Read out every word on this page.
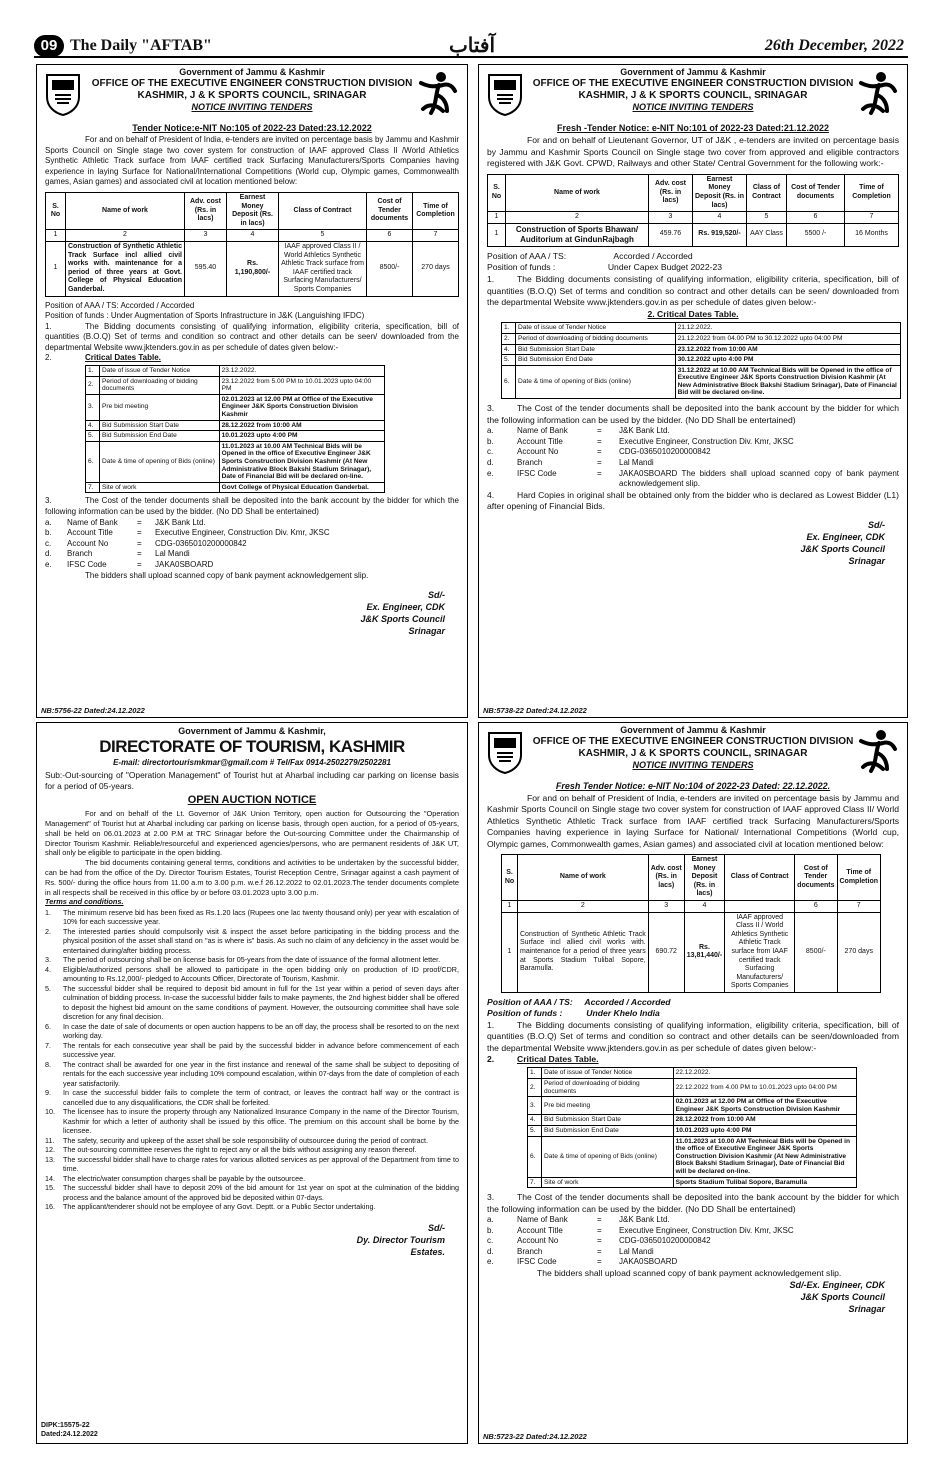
09 The Daily "AFTAB"	آفتاب	26th December, 2022
Government of Jammu & Kashmir
OFFICE OF THE EXECUTIVE ENGINEER CONSTRUCTION DIVISION
KASHMIR, J & K SPORTS COUNCIL, SRINAGAR
NOTICE INVITING TENDERS
Tender Notice:e-NIT No:105 of 2022-23 Dated:23.12.2022

For and on behalf of President of India, e-tenders are invited on percentage basis by Jammu and Kashmir Sports Council on Single stage two cover system for construction of IAAF approved Class II /World Athletics Synthetic Athletic Track surface from IAAF certified track Surfacing Manufacturers/Sports Companies having experience in laying Surface for National/International Competitions (World cup, Olympic games, Commonwealth games, Asian games) and associated civil at location mentioned below:

S. No	Name of work	Adv. cost (Rs. in lacs)	Earnest Money Deposit (Rs. in lacs)	Class of Contract	Cost of Tender documents	Time of Completion
1	2	3	4	5	6	7
1	Construction of Synthetic Athletic Track Surface incl allied civil works with. maintenance for a period of three years at Govt. College of Physical Education Ganderbal.	595.40	Rs. 1,190,800/-	IAAF approved Class II / World Athletics Synthetic Athletic Track surface from IAAF certified track Surfacing Manufacturers/ Sports Companies	8500/-	270 days

Position of AAA / TS: Accorded / Accorded

Position of funds : Under Augmentation of Sports Infrastructure in J&K (Languishing IFDC)

1.	The Bidding documents consisting of qualifying information, eligibility criteria, specification, bill of quantities (B.O.Q) Set of terms and condition so contract and other details can be seen/ downloaded from the departmental Website www.jktenders.gov.in as per schedule of dates given below:-

2.	Critical Dates Table.

1.	Date of issue of Tender Notice	23.12.2022.
2.	Period of downloading of bidding documents	23.12.2022 from 5.00 PM to 10.01.2023 upto 04:00 PM
3.	Pre bid meeting	02.01.2023 at 12.00 PM at Office of the Executive Engineer J&K Sports Construction Division Kashmir
4.	Bid Submission Start Date	28.12.2022 from 10:00 AM
5.	Bid Submission End Date	10.01.2023 upto 4:00 PM
6.	Date & time of opening of Bids (online)	11.01.2023 at 10.00 AM Technical Bids will be Opened in the office of Executive Engineer J&K Sports Construction Division Kashmir (At New Administrative Block Bakshi Stadium Srinagar), Date of Financial Bid will be declared on-line.
7.	Site of work	Govt College of Physical Education Ganderbal.

3.	The Cost of the tender documents shall be deposited into the bank account by the bidder for which the following information can be used by the bidder. (No DD Shall be entertained)

a.	Name of Bank	=	J&K Bank Ltd.
b.	Account Title	=	Executive Engineer, Construction Div. Kmr, JKSC
c.	Account No	=	CDG-0365010200000842
d.	Branch	=	Lal Mandi
e.	IFSC Code	=	JAKA0SBOARD

The bidders shall upload scanned copy of bank payment acknowledgement slip.

Sd/-
Ex. Engineer, CDK
J&K Sports Council
Srinagar
NB:5756-22 Dated:24.12.2022
Government of Jammu & Kashmir
OFFICE OF THE EXECUTIVE ENGINEER CONSTRUCTION DIVISION
KASHMIR, J & K SPORTS COUNCIL, SRINAGAR
NOTICE INVITING TENDERS
Fresh -Tender Notice: e-NIT No:101 of 2022-23 Dated:21.12.2022

For and on behalf of Lieutenant Governor, UT of J&K , e-tenders are invited on percentage basis by Jammu and Kashmir Sports Council on Single stage two cover from approved and eligible contractors registered with J&K Govt. CPWD, Railways and other State/ Central Government for the following work:-

S. No	Name of work	Adv. cost (Rs. in lacs)	Earnest Money Deposit (Rs. in lacs)	Class of Contract	Cost of Tender documents	Time of Completion
1	2	3	4	5	6	7
1	Construction of Sports Bhawan/ Auditorium at GindunRajbagh	459.76	Rs. 919,520/-	AAY Class	5500 /-	16 Months

Position of AAA / TS:                    Accorded / Accorded

Position of funds :                      Under Capex Budget 2022-23

1.	The Bidding documents consisting of qualifying information, eligibility criteria, specification, bill of quantities (B.O.Q) Set of terms and condition so contract and other details can be seen/ downloaded from the departmental Website www.jktenders.gov.in as per schedule of dates given below:-

2. Critical Dates Table.

1.	Date of issue of Tender Notice	21.12.2022.
2.	Period of downloading of bidding documents	21.12.2022 from 04.00 PM to 30.12.2022 upto 04:00 PM
4.	Bid Submission Start Date	23.12.2022 from 10:00 AM
5.	Bid Submission End Date	30.12.2022 upto 4:00 PM
6.	Date & time of opening of Bids (online)	31.12.2022 at 10.00 AM Technical Bids will be Opened in the office of Executive Engineer J&K Sports Construction Division Kashmir (At New Administrative Block Bakshi Stadium Srinagar), Date of Financial Bid will be declared on-line.

3.	The Cost of the tender documents shall be deposited into the bank account by the bidder for which the following information can be used by the bidder. (No DD Shall be entertained)

a.	Name of Bank	=	J&K Bank Ltd.
b.	Account Title	=	Executive Engineer, Construction Div. Kmr, JKSC
c.	Account No	=	CDG-0365010200000842
d.	Branch	=	Lal Mandi
e.	IFSC Code	=	JAKA0SBOARD The bidders shall upload scanned copy of bank payment acknowledgement slip.

4.	Hard Copies in original shall be obtained only from the bidder who is declared as Lowest Bidder (L1) after opening of Financial Bids.

Sd/-
Ex. Engineer, CDK
J&K Sports Council
Srinagar
NB:5738-22 Dated:24.12.2022
Government of Jammu & Kashmir,
DIRECTORATE OF TOURISM, KASHMIR
E-mail: directortourismkmar@gmail.com # Tel/Fax 0914-2502279/2502281

Sub:-Out-sourcing of "Operation Management" of Tourist hut at Aharbal including car parking on license basis for a period of 05-years.

OPEN AUCTION NOTICE

For and on behalf of the Lt. Governor of J&K Union Territory, open auction for Outsourcing the "Operation Management" of Tourist hut at Aharbal including car parking on license basis, through open auction, for a period of 05-years, shall be held on 06.01.2023 at 2.00 P.M at TRC Srinagar before the Out-sourcing Committee under the Chairmanship of Director Tourism Kashmir. Reliable/resourceful and experienced agencies/persons, who are permanent residents of J&K UT, shall only be eligible to participate in the open bidding.

The bid documents containing general terms, conditions and activities to be undertaken by the successful bidder, can be had from the office of the Dy. Director Tourism Estates, Tourist Reception Centre, Srinagar against a cash payment of Rs. 500/- during the office hours from 11.00 a.m to 3.00 p.m. w.e.f 26.12.2022 to 02.01.2023.The tender documents complete in all respects shall be received in this office by or before 03.01.2023 upto 3.00 p.m.

Terms and conditions.

1.	The minimum reserve bid has been fixed as Rs.1.20 lacs (Rupees one lac twenty thousand only) per year with escalation of 10% for each successive year.
2.	The interested parties should compulsorily visit & inspect the asset before participating in the bidding process and the physical position of the asset shall stand on "as is where is" basis. As such no claim of any deficiency in the asset would be entertained during/after bidding process.
3.	The period of outsourcing shall be on license basis for 05-years from the date of issuance of the formal allotment letter.
4.	Eligible/authorized persons shall be allowed to participate in the open bidding only on production of ID proof/CDR, amounting to Rs.12,000/- pledged to Accounts Officer, Directorate of Tourism, Kashmir.
5.	The successful bidder shall be required to deposit bid amount in full for the 1st year within a period of seven days after culmination of bidding process. In-case the successful bidder fails to make payments, the 2nd highest bidder shall be offered to deposit the highest bid amount on the same conditions of payment. However, the outsourcing committee shall have sole discretion for any final decision.
6.	In case the date of sale of documents or open auction happens to be an off day, the process shall be resorted to on the next working day.
7.	The rentals for each consecutive year shall be paid by the successful bidder in advance before commencement of each successive year.
8.	The contract shall be awarded for one year in the first instance and renewal of the same shall be subject to depositing of rentals for the each successive year including 10% compound escalation, within 07-days from the date of completion of each year satisfactorily.
9.	In case the successful bidder fails to complete the term of contract, or leaves the contract half way or the contract is cancelled due to any disqualifications, the CDR shall be forfeited.
10.	The licensee has to insure the property through any Nationalized Insurance Company in the name of the Director Tourism, Kashmir for which a letter of authority shall be issued by this office. The premium on this account shall be borne by the licensee.
11.	The safety, security and upkeep of the asset shall be sole responsibility of outsourcee during the period of contract.
12.	The out-sourcing committee reserves the right to reject any or all the bids without assigning any reason thereof.
13.	The successful bidder shall have to charge rates for various allotted services as per approval of the Department from time to time.
14.	The electric/water consumption charges shall be payable by the outsourcee.
15.	The successful bidder shall have to deposit 20% of the bid amount for 1st year on spot at the culmination of the bidding process and the balance amount of the approved bid be deposited within 07-days.
16.	The applicant/tenderer should not be employee of any Govt. Deptt. or a Public Sector undertaking.
Sd/-
Dy. Director Tourism
Estates.
DIPK:15575-22
Dated:24.12.2022
Government of Jammu & Kashmir
OFFICE OF THE EXECUTIVE ENGINEER CONSTRUCTION DIVISION
KASHMIR, J & K SPORTS COUNCIL, SRINAGAR
NOTICE INVITING TENDERS
Fresh Tender Notice: e-NIT No:104 of 2022-23 Dated: 22.12.2022.

For and on behalf of President of India, e-tenders are invited on percentage basis by Jammu and Kashmir Sports Council on Single stage two cover system for construction of IAAF approved Class II/ World Athletics Synthetic Athletic Track surface from IAAF certified track Surfacing Manufacturers/Sports Companies having experience in laying Surface for National/ International Competitions (World cup, Olympic games, Commonwealth games, Asian games) and associated civil at location mentioned below:

S. No	Name of work	Adv. cost (Rs. in lacs)	Earnest Money Deposit (Rs. in lacs)	Class of Contract	Cost of Tender documents	Time of Completion
1	2	3	4		6	7
1	Construction of Synthetic Athletic Track Surface incl allied civil works with. maintenance for a period of three years at Sports Stadium Tulibal Sopore, Baramulla.	690.72	Rs. 13,81,440/-	IAAF approved Class II / World Athletics Synthetic Athletic Track surface from IAAF certified track Surfacing Manufacturers/ Sports Companies	8500/-	270 days

Position of AAA / TS:     Accorded / Accorded

Position of funds :          Under Khelo India

1.	The Bidding documents consisting of qualifying information, eligibility criteria, specification, bill of quantities (B.O.Q) Set of terms and condition so contract and other details can be seen/downloaded from the departmental Website www.jktenders.gov.in as per schedule of dates given below:-

2.	Critical Dates Table.

1.	Date of issue of Tender Notice	22.12.2022.
2.	Period of downloading of bidding documents	22.12.2022 from 4.00 PM to 10.01.2023 upto 04:00 PM
3.	Pre bid meeting	02.01.2023 at 12.00 PM at Office of the Executive Engineer J&K Sports Construction Division Kashmir
4.	Bid Submission Start Date	28.12.2022 from 10:00 AM
5.	Bid Submission End Date	10.01.2023 upto 4:00 PM
6.	Date & time of opening of Bids (online)	11.01.2023 at 10.00 AM Technical Bids will be Opened in the office of Executive Engineer J&K Sports Construction Division Kashmir (At New Administrative Block Bakshi Stadium Srinagar), Date of Financial Bid will be declared on-line.
7.	Site of work	Sports Stadium Tulibal Sopore, Baramulla

3.	The Cost of the tender documents shall be deposited into the bank account by the bidder for which the following information can be used by the bidder. (No DD Shall be entertained)

a.	Name of Bank	=	J&K Bank Ltd.
b.	Account Title	=	Executive Engineer, Construction Div. Kmr, JKSC
c.	Account No	=	CDG-0365010200000842
d.	Branch	=	Lal Mandi
e.	IFSC Code	=	JAKA0SBOARD

The bidders shall upload scanned copy of bank payment acknowledgement slip.

Sd/-Ex. Engineer, CDK
J&K Sports Council
Srinagar
NB:5723-22 Dated:24.12.2022
